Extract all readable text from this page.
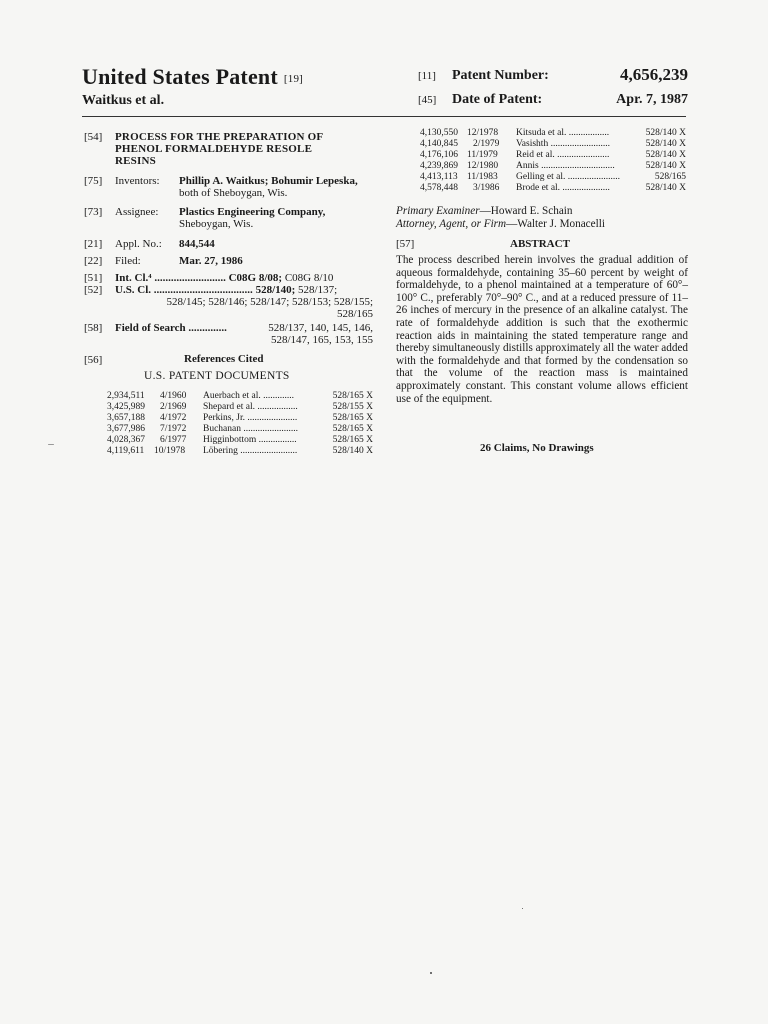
United States Patent [19]
Waitkus et al.
[11] Patent Number:	4,656,239
[45] Date of Patent:	Apr. 7, 1987
[54] PROCESS FOR THE PREPARATION OF
PHENOL FORMALDEHYDE RESOLE
RESINS
[75] Inventors: Phillip A. Waitkus; Bohumir Lepeska,
both of Sheboygan, Wis.
[73] Assignee: Plastics Engineering Company,
Sheboygan, Wis.
[21] Appl. No.: 844,544
[22] Filed:	Mar. 27, 1986
[51] Int. Cl.⁴ .......................... C08G 8/08; C08G 8/10
[52] U.S. Cl. .................................... 528/140; 528/137;
528/145; 528/146; 528/147; 528/153; 528/155;
528/165
[58] Field of Search ..............	528/137, 140, 145, 146,
528/147, 165, 153, 155
[56]	References Cited
U.S. PATENT DOCUMENTS
2,934,511 4/1960 Auerbach et al. .............	528/165 X
3,425,989 2/1969 Shepard et al. .................	528/155 X
3,657,188 4/1972 Perkins, Jr. .....................	528/165 X
3,677,986 7/1972 Buchanan .......................	528/165 X
4,028,367 6/1977 Higginbottom ................	528/165 X
4,119,611 10/1978 Löbering ........................	528/140 X
4,130,550 12/1978 Kitsuda et al. .................	528/140 X
4,140,845 2/1979 Vasishth .........................	528/140 X
4,176,106 11/1979 Reid et al. ......................	528/140 X
4,239,869 12/1980 Annis ...............................	528/140 X
4,413,113 11/1983 Gelling et al. ......................	528/165
4,578,448 3/1986 Brode et al. ....................	528/140 X
Primary Examiner—Howard E. Schain
Attorney, Agent, or Firm—Walter J. Monacelli
[57]	ABSTRACT
The process described herein involves the gradual addition of aqueous formaldehyde, containing 35–60 percent by weight of formaldehyde, to a phenol maintained at a temperature of 60°–100° C., preferably 70°–90° C., and at a reduced pressure of 11–26 inches of mercury in the presence of an alkaline catalyst. The rate of formaldehyde addition is such that the exothermic reaction aids in maintaining the stated temperature range and thereby simultaneously distills approximately all the water added with the formaldehyde and that formed by the condensation so that the volume of the reaction mass is maintained approximately constant. This constant volume allows efficient use of the equipment.
26 Claims, No Drawings
